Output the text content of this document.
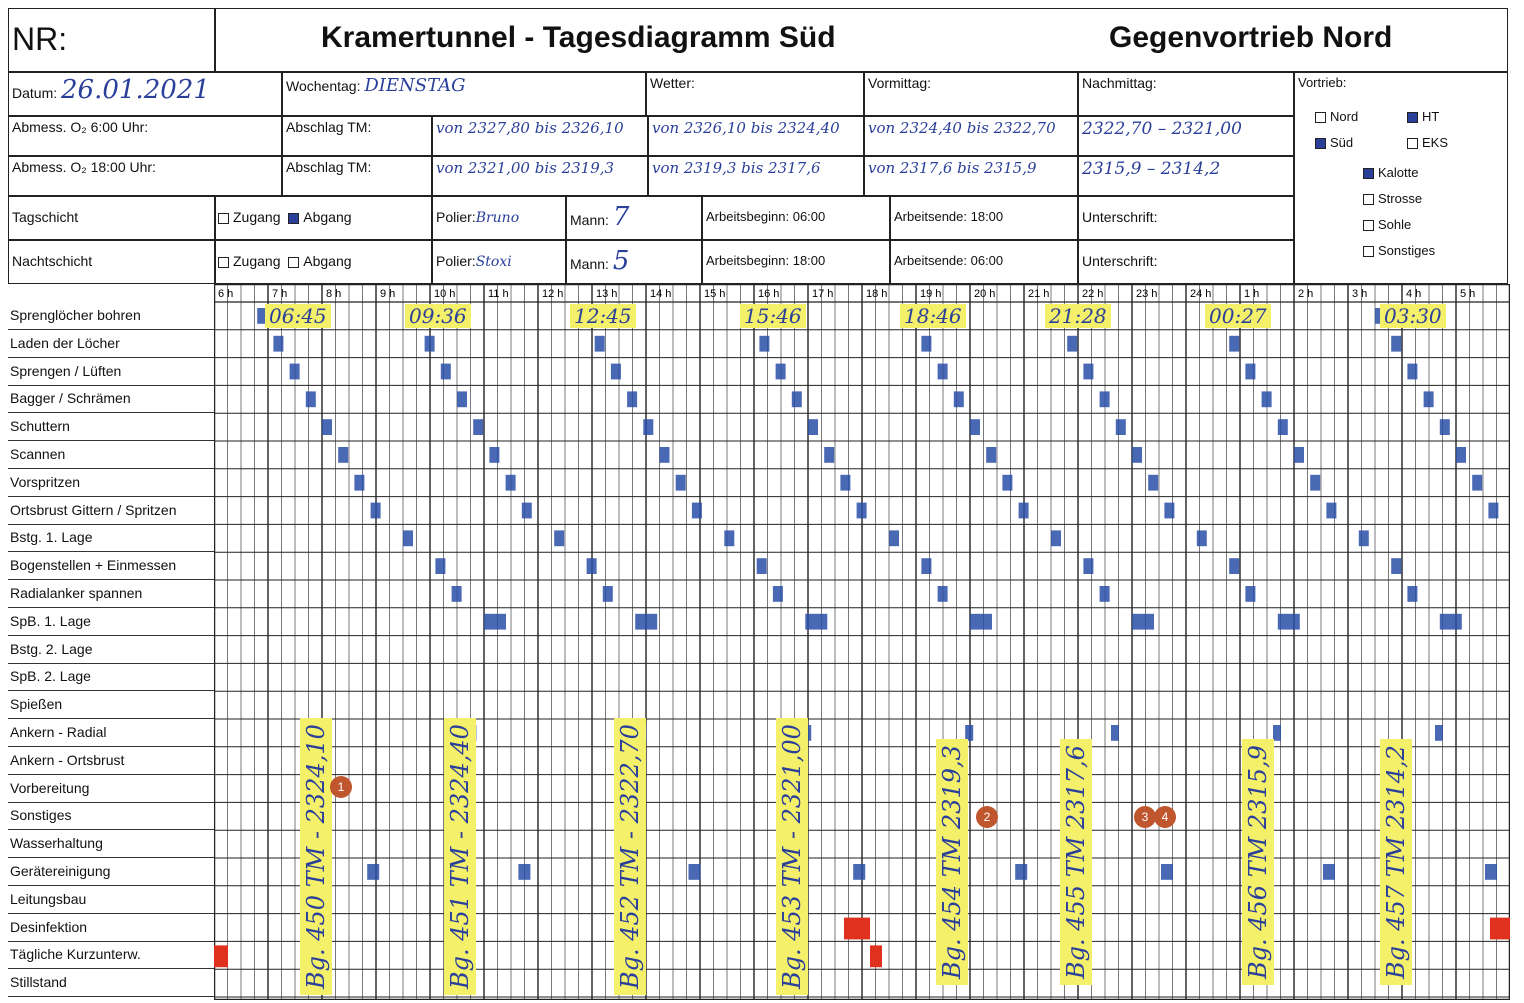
NR:	Kramertunnel - Tagesdiagramm Süd	Gegenvortrieb Nord
Datum: 26.01.2021	Wochentag: DIENSTAG	Wetter:	Vormittag:	Nachmittag:
Abmess. O₂ 6:00 Uhr:	Abschlag TM:	von 2327,80 bis 2326,10	von 2326,10 bis 2324,40	von 2324,40 bis 2322,70	2322,70 – 2321,00
Abmess. O₂ 18:00 Uhr:	Abschlag TM:	von 2321,00 bis 2319,3	von 2319,3 bis 2317,6	von 2317,6 bis 2315,9	2315,9 – 2314,2
Tagschicht	Zugang Abgang	Polier:Bruno	Mann: 7	Arbeitsbeginn: 06:00	Arbeitsende: 18:00	Unterschrift:
Nachtschicht	Zugang Abgang	Polier:Stoxi	Mann: 5	Arbeitsbeginn: 18:00	Arbeitsende: 06:00	Unterschrift:
Vortrieb:
Nord	HT
Süd	EKS
Kalotte
Strosse
Sohle
Sonstiges
Sprenglöcher bohren
Laden der Löcher
Sprengen / Lüften
Bagger / Schrämen
Schuttern
Scannen
Vorspritzen
Ortsbrust Gittern / Spritzen
Bstg. 1. Lage
Bogenstellen + Einmessen
Radialanker spannen
SpB. 1. Lage
Bstg. 2. Lage
SpB. 2. Lage
Spießen
Ankern - Radial
Ankern - Ortsbrust
Vorbereitung
Sonstiges
Wasserhaltung
Gerätereinigung
Leitungsbau
Desinfektion
Tägliche Kurzunterw.
Stillstand
6 h	7 h	8 h	9 h	10 h	11 h	12 h	13 h	14 h	15 h	16 h	17 h	18 h	19 h	20 h	21 h	22 h	23 h	24 h	1 h	2 h	3 h	4 h	5 h
06:45	09:36	12:45	15:46	18:46	21:28	00:27	03:30
Bg. 450 TM - 2324,10	Bg. 451 TM - 2324,40	Bg. 452 TM - 2322,70	Bg. 453 TM - 2321,00	Bg. 454 TM 2319,3	Bg. 455 TM 2317,6	Bg. 456 TM 2315,9	Bg. 457 TM 2314,2
1
2	3	4
